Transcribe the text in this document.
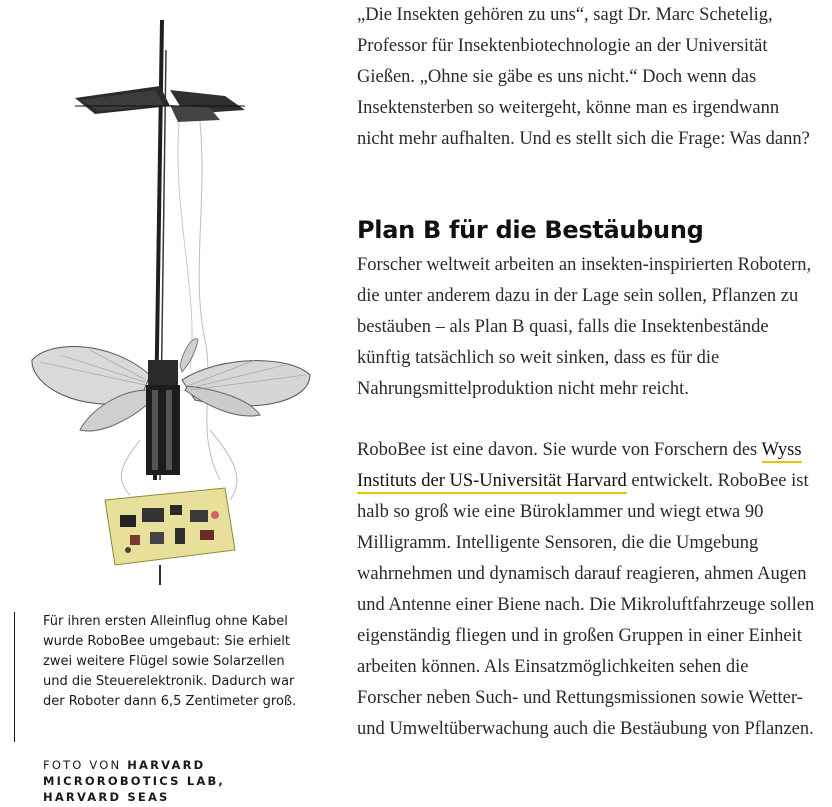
Für ihren ersten Alleinflug ohne Kabel wurde RoboBee umgebaut: Sie erhielt zwei weitere Flügel sowie Solarzellen und die Steuerelektronik. Dadurch war der Roboter dann 6,5 Zentimeter groß.

FOTO VON HARVARD MICROROBOTICS LAB, HARVARD SEAS

„Die Insekten gehören zu uns“, sagt Dr. Marc Schetelig, Professor für Insektenbiotechnologie an der Universität Gießen. „Ohne sie gäbe es uns nicht.“ Doch wenn das Insektensterben so weitergeht, könne man es irgendwann nicht mehr aufhalten. Und es stellt sich die Frage: Was dann?

Plan B für die Bestäubung

Forscher weltweit arbeiten an insekten-inspirierten Robotern, die unter anderem dazu in der Lage sein sollen, Pflanzen zu bestäuben – als Plan B quasi, falls die Insektenbestände künftig tatsächlich so weit sinken, dass es für die Nahrungsmittelproduktion nicht mehr reicht.

RoboBee ist eine davon. Sie wurde von Forschern des Wyss Instituts der US-Universität Harvard entwickelt. RoboBee ist halb so groß wie eine Büroklammer und wiegt etwa 90 Milligramm. Intelligente Sensoren, die die Umgebung wahrnehmen und dynamisch darauf reagieren, ahmen Augen und Antenne einer Biene nach. Die Mikroluftfahrzeuge sollen eigenständig fliegen und in großen Gruppen in einer Einheit arbeiten können. Als Einsatzmöglichkeiten sehen die Forscher neben Such- und Rettungsmissionen sowie Wetter- und Umweltüberwachung auch die Bestäubung von Pflanzen.
